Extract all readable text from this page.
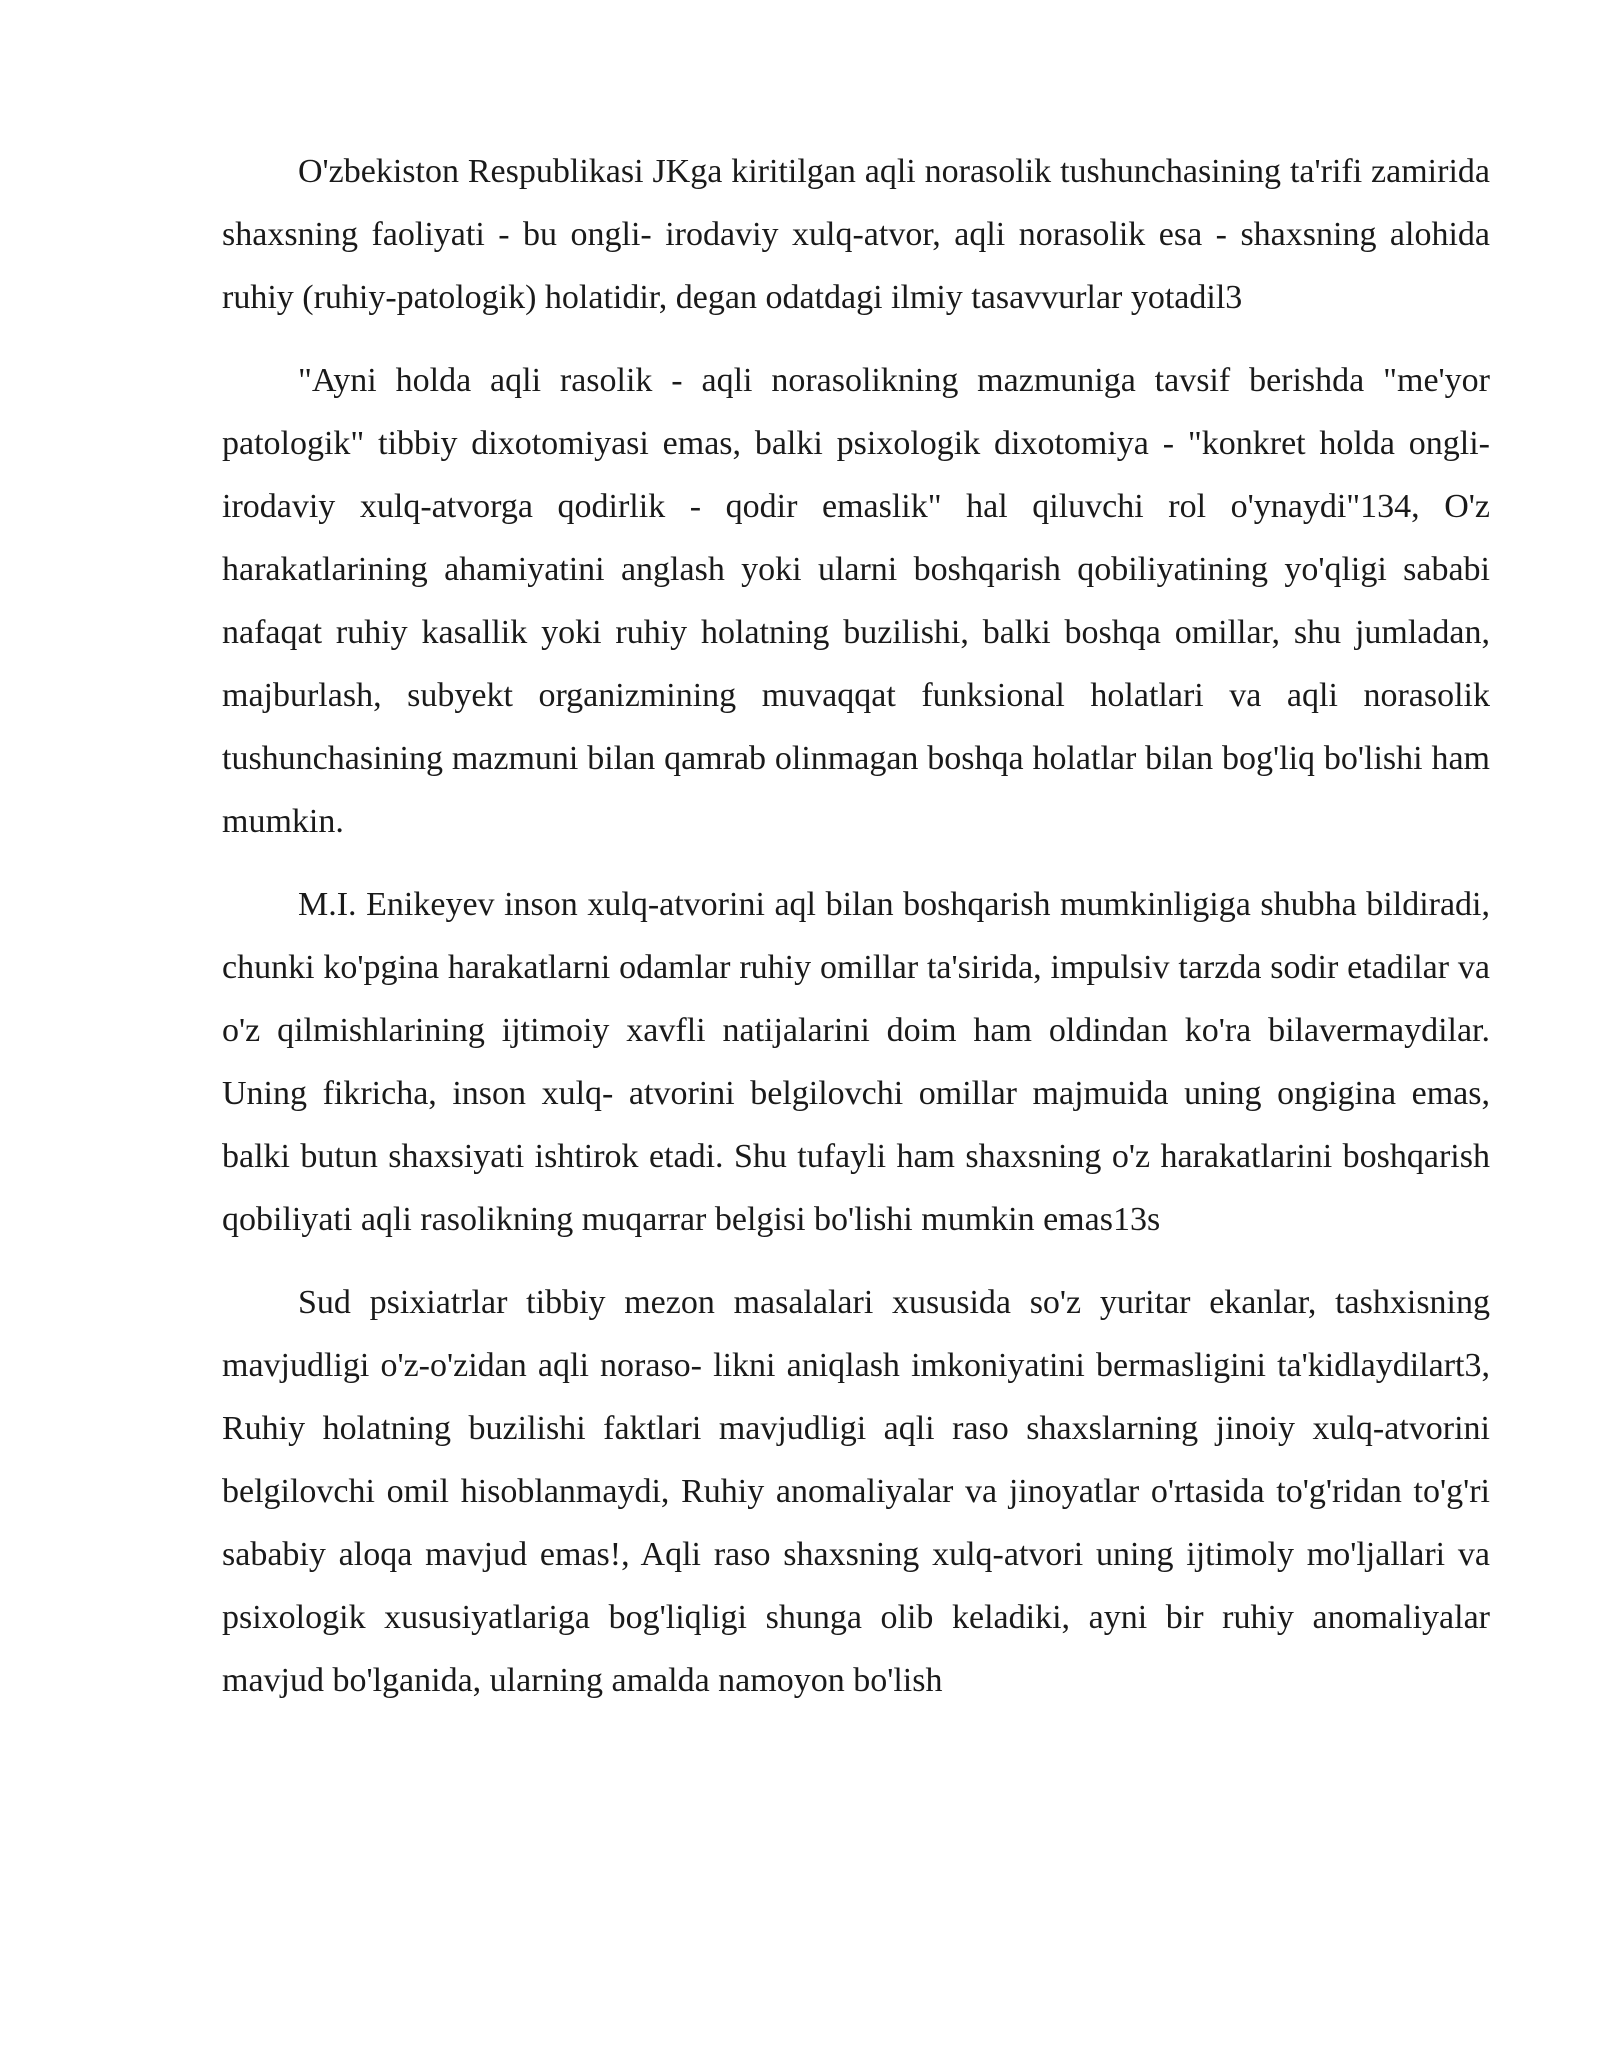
O'zbekiston Respublikasi JKga kiritilgan aqli norasolik tushunchasining ta'rifi zamirida shaxsning faoliyati - bu ongli- irodaviy xulq-atvor, aqli norasolik esa - shaxsning alohida ruhiy (ruhiy-patologik) holatidir, degan odatdagi ilmiy tasavvurlar yotadil3

"Ayni holda aqli rasolik - aqli norasolikning mazmuniga tavsif berishda "me'yor patologik" tibbiy dixotomiyasi emas, balki psixologik dixotomiya - "konkret holda ongli- irodaviy xulq-atvorga qodirlik - qodir emaslik" hal qiluvchi rol o'ynaydi"134, O'z harakatlarining ahamiyatini anglash yoki ularni boshqarish qobiliyatining yo'qligi sababi nafaqat ruhiy kasallik yoki ruhiy holatning buzilishi, balki boshqa omillar, shu jumladan, majburlash, subyekt organizmining muvaqqat funksional holatlari va aqli norasolik tushunchasining mazmuni bilan qamrab olinmagan boshqa holatlar bilan bog'liq bo'lishi ham mumkin.

M.I. Enikeyev inson xulq-atvorini aql bilan boshqarish mumkinligiga shubha bildiradi, chunki ko'pgina harakatlarni odamlar ruhiy omillar ta'sirida, impulsiv tarzda sodir etadilar va o'z qilmishlarining ijtimoiy xavfli natijalarini doim ham oldindan ko'ra bilavermaydilar. Uning fikricha, inson xulq- atvorini belgilovchi omillar majmuida uning ongigina emas, balki butun shaxsiyati ishtirok etadi. Shu tufayli ham shaxsning o'z harakatlarini boshqarish qobiliyati aqli rasolikning muqarrar belgisi bo'lishi mumkin emas13s

Sud psixiatrlar tibbiy mezon masalalari xususida so'z yuritar ekanlar, tashxisning mavjudligi o'z-o'zidan aqli noraso- likni aniqlash imkoniyatini bermasligini ta'kidlaydilart3, Ruhiy holatning buzilishi faktlari mavjudligi aqli raso shaxslarning jinoiy xulq-atvorini belgilovchi omil hisoblanmaydi, Ruhiy anomaliyalar va jinoyatlar o'rtasida to'g'ridan to'g'ri sababiy aloqa mavjud emas!, Aqli raso shaxsning xulq-atvori uning ijtimoly mo'ljallari va psixologik xususiyatlariga bog'liqligi shunga olib keladiki, ayni bir ruhiy anomaliyalar mavjud bo'lganida, ularning amalda namoyon bo'lish
